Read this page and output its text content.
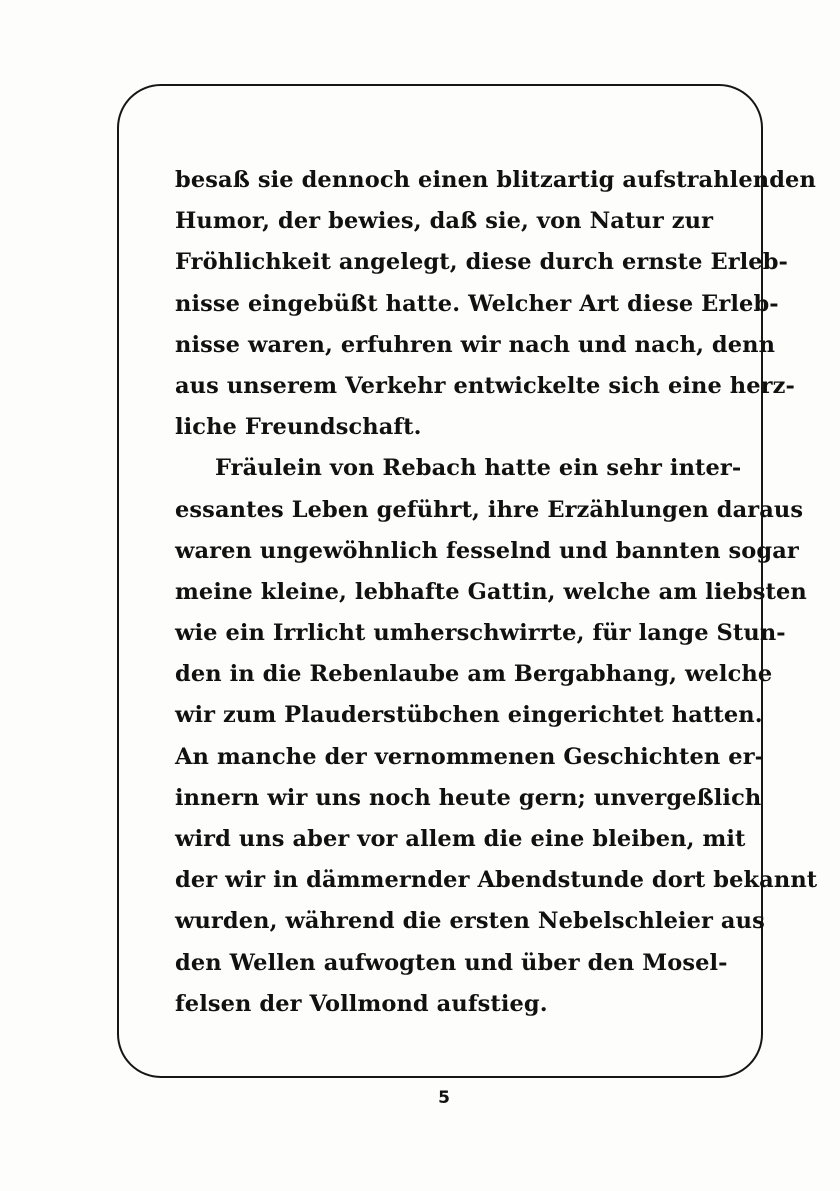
besaß sie dennoch einen blitzartig aufstrahlenden
Humor, der bewies, daß sie, von Natur zur
Fröhlichkeit angelegt, diese durch ernste Erleb-
nisse eingebüßt hatte. Welcher Art diese Erleb-
nisse waren, erfuhren wir nach und nach, denn
aus unserem Verkehr entwickelte sich eine herz-
liche Freundschaft.
Fräulein von Rebach hatte ein sehr inter-
essantes Leben geführt, ihre Erzählungen daraus
waren ungewöhnlich fesselnd und bannten sogar
meine kleine, lebhafte Gattin, welche am liebsten
wie ein Irrlicht umherschwirrte, für lange Stun-
den in die Rebenlaube am Bergabhang, welche
wir zum Plauderstübchen eingerichtet hatten.
An manche der vernommenen Geschichten er-
innern wir uns noch heute gern; unvergeßlich
wird uns aber vor allem die eine bleiben, mit
der wir in dämmernder Abendstunde dort bekannt
wurden, während die ersten Nebelschleier aus
den Wellen aufwogten und über den Mosel-
felsen der Vollmond aufstieg.
5
